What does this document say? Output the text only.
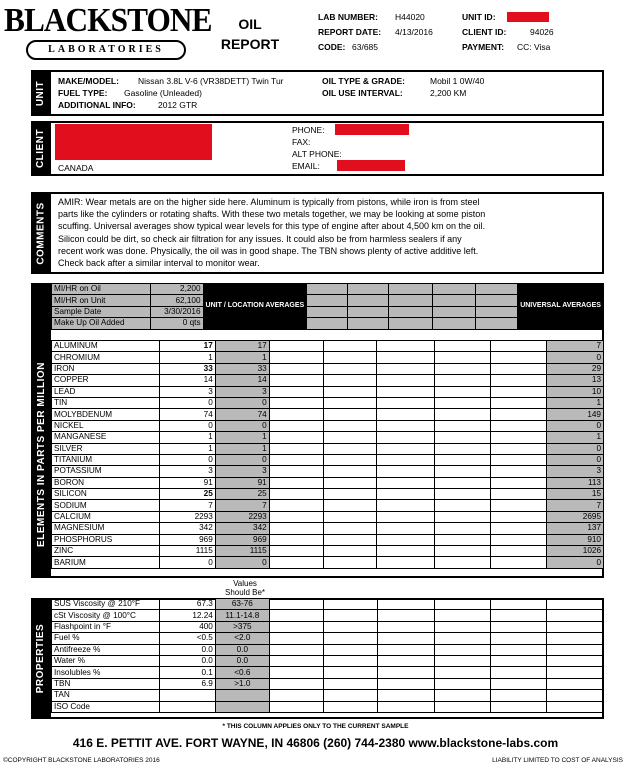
BLACKSTONE
LABORATORIES
OIL
REPORT
LAB NUMBER: H44020
REPORT DATE: 4/13/2016
CODE: 63/685
UNIT ID:
CLIENT ID:	94026
PAYMENT: CC: Visa
UNIT MAKE/MODEL: Nissan 3.8L V-6 (VR38DETT) Twin Tur
FUEL TYPE: Gasoline (Unleaded)
ADDITIONAL INFO:	2012 GTR
OIL TYPE & GRADE:	Mobil 1 0W/40
OIL USE INTERVAL:	2,200 KM
CLIENT CANADA
PHONE:
FAX:
ALT PHONE:
EMAIL:
COMMENTS AMIR: Wear metals are on the higher side here. Aluminum is typically from pistons, while iron is from steel
parts like the cylinders or rotating shafts. With these two metals together, we may be looking at some piston
scuffing. Universal averages show typical wear levels for this type of engine after about 4,500 km on the oil.
Silicon could be dirt, so check air filtration for any issues. It could also be from harmless sealers if any
recent work was done. Physically, the oil was in good shape. The TBN shows plenty of active additive left.
Check back after a similar interval to monitor wear.
ELEMENTS IN PARTS PER MILLION
MI/HR on Oil	2,200	UNIT / LOCATION AVERAGES						UNIVERSAL AVERAGES
MI/HR on Unit	62,100							
Sample Date	3/30/2016							
Make Up Oil Added	0 qts							
ALUMINUM	17	17						7
CHROMIUM	1	1						0
IRON	33	33						29
COPPER	14	14						13
LEAD	3	3						10
TIN	0	0						1
MOLYBDENUM	74	74						149
NICKEL	0	0						0
MANGANESE	1	1						1
SILVER	1	1						0
TITANIUM	0	0						0
POTASSIUM	3	3						3
BORON	91	91						113
SILICON	25	25						15
SODIUM	7	7						7
CALCIUM	2293	2293						2695
MAGNESIUM	342	342						137
PHOSPHORUS	969	969						910
ZINC	1115	1115						1026
BARIUM	0	0						0
Values
Should Be*
PROPERTIES
SUS Viscosity @ 210°F	67.3	63-76						
cSt Viscosity @ 100°C	12.24	11.1-14.8						
Flashpoint in °F	400	>375						
Fuel %	<0.5	<2.0						
Antifreeze %	0.0	0.0						
Water %	0.0	0.0						
Insolubles %	0.1	<0.6						
TBN	6.9	>1.0						
TAN								
ISO Code								
* THIS COLUMN APPLIES ONLY TO THE CURRENT SAMPLE
416 E. PETTIT AVE. FORT WAYNE, IN 46806 (260) 744-2380 www.blackstone-labs.com
©COPYRIGHT BLACKSTONE LABORATORIES 2016	LIABILITY LIMITED TO COST OF ANALYSIS
